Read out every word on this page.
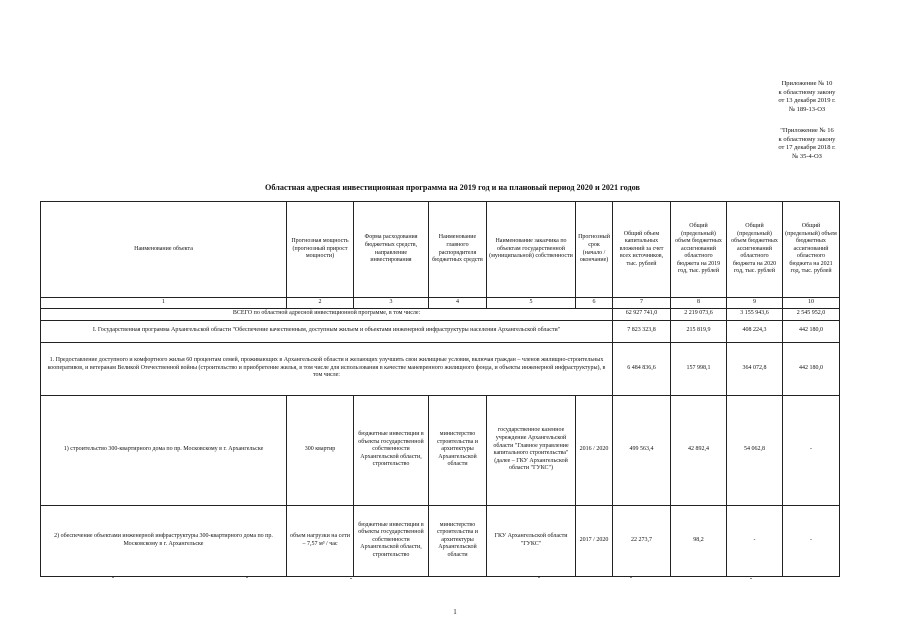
Приложение № 10
к областному закону
от 13 декабря 2019 г.
№ 189-13-ОЗ
"Приложение № 16
к областному закону
от 17 декабря 2018 г.
№ 35-4-ОЗ
Областная адресная инвестиционная программа на 2019 год и на плановый период 2020 и 2021 годов
Наименование объекта	Прогнозная мощность (прогнозный прирост мощности)	Форма расходования бюджетных средств, направление инвестирования	Наименование главного распорядителя бюджетных средств	Наименование заказчика по объектам государственной (муниципальной) собственности	Прогнозный срок (начало / окончание)	Общий объем капитальных вложений за счет всех источников, тыс. рублей	Общий (предельный) объем бюджетных ассигнований областного бюджета на 2019 год, тыс. рублей	Общий (предельный) объем бюджетных ассигнований областного бюджета на 2020 год, тыс. рублей	Общий (предельный) объем бюджетных ассигнований областного бюджета на 2021 год, тыс. рублей
1	2	3	4	5	6	7	8	9	10
ВСЕГО по областной адресной инвестиционной программе, в том числе:						62 927 741,0	2 219 073,6	3 155 943,6	2 545 952,0
I. Государственная программа Архангельской области "Обеспечение качественным, доступным жильем и объектами инженерной инфраструктуры населения Архангельской области"						7 823 323,8	215 819,9	408 224,3	442 180,0
1. Предоставление доступного и комфортного жилья 60 процентам семей, проживающих в Архангельской области и желающих улучшить свои жилищные условия, включая граждан – членов жилищно-строительных кооперативов, и ветеранам Великой Отечественной войны (строительство и приобретение жилья, в том числе для использования в качестве маневренного жилищного фонда, и объекты инженерной инфраструктуры), в том числе:						6 484 836,6	157 998,1	364 072,8	442 180,0
1) строительство 300-квартирного дома по пр. Московскому в г. Архангельске	300 квартир	бюджетные инвестиции в объекты государственной собственности Архангельской области, строительство	министерство строительства и архитектуры Архангельской области	государственное казенное учреждение Архангельской области "Главное управление капитального строительства" (далее – ГКУ Архангельской области "ГУКС")	2016 / 2020	499 563,4	42 892,4	54 062,8	-
2) обеспечение объектами инженерной инфраструктуры 300-квартирного дома по пр. Московскому в г. Архангельске	объем нагрузки на сети – 7,57 м³ / час	бюджетные инвестиции в объекты государственной собственности Архангельской области, строительство	министерство строительства и архитектуры Архангельской области	ГКУ Архангельской области "ГУКС"	2017 / 2020	22 273,7	98,2	-	-
1
